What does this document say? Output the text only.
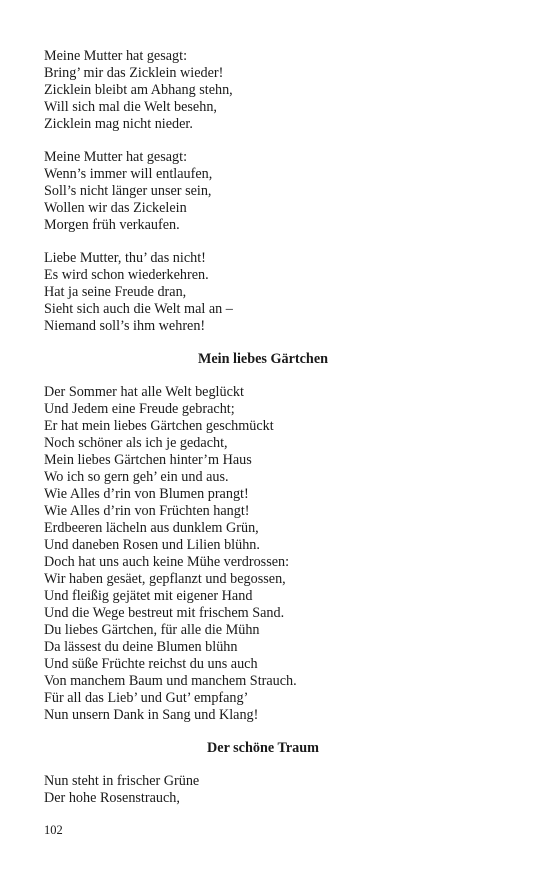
Meine Mutter hat gesagt:
Bring’ mir das Zicklein wieder!
Zicklein bleibt am Abhang stehn,
Will sich mal die Welt besehn,
Zicklein mag nicht nieder.
Meine Mutter hat gesagt:
Wenn’s immer will entlaufen,
Soll’s nicht länger unser sein,
Wollen wir das Zickelein
Morgen früh verkaufen.
Liebe Mutter, thu’ das nicht!
Es wird schon wiederkehren.
Hat ja seine Freude dran,
Sieht sich auch die Welt mal an –
Niemand soll’s ihm wehren!
Mein liebes Gärtchen
Der Sommer hat alle Welt beglückt
Und Jedem eine Freude gebracht;
Er hat mein liebes Gärtchen geschmückt
Noch schöner als ich je gedacht,
Mein liebes Gärtchen hinter’m Haus
Wo ich so gern geh’ ein und aus.
Wie Alles d’rin von Blumen prangt!
Wie Alles d’rin von Früchten hangt!
Erdbeeren lächeln aus dunklem Grün,
Und daneben Rosen und Lilien blühn.
Doch hat uns auch keine Mühe verdrossen:
Wir haben gesäet, gepflanzt und begossen,
Und fleißig gejätet mit eigener Hand
Und die Wege bestreut mit frischem Sand.
Du liebes Gärtchen, für alle die Mühn
Da lässest du deine Blumen blühn
Und süße Früchte reichst du uns auch
Von manchem Baum und manchem Strauch.
Für all das Lieb’ und Gut’ empfang’
Nun unsern Dank in Sang und Klang!
Der schöne Traum
Nun steht in frischer Grüne
Der hohe Rosenstrauch,
102
